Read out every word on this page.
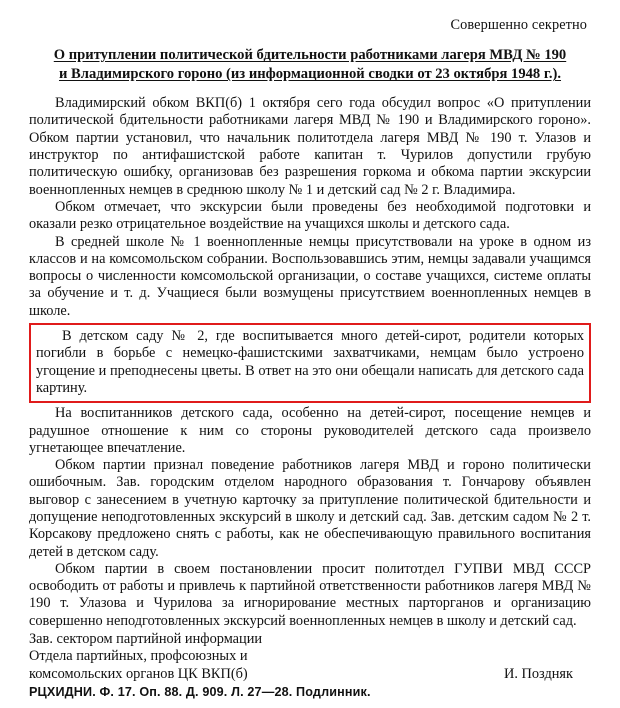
Совершенно секретно
О притуплении политической бдительности работниками лагеря МВД № 190
и Владимирского гороно (из информационной сводки от 23 октября 1948 г.).

Владимирский обком ВКП(б) 1 октября сего года обсудил вопрос «О притуплении политической бдительности работниками лагеря МВД № 190 и Владимирского гороно». Обком партии установил, что начальник политотдела лагеря МВД № 190 т. Улазов и инструктор по антифашистской работе капитан т. Чурилов допустили грубую политическую ошибку, организовав без разрешения горкома и обкома партии экскурсии военнопленных немцев в среднюю школу № 1 и детский сад № 2 г. Владимира.

Обком отмечает, что экскурсии были проведены без необходимой подготовки и оказали резко отрицательное воздействие на учащихся школы и детского сада.

В средней школе № 1 военнопленные немцы присутствовали на уроке в одном из классов и на комсомольском собрании. Воспользовавшись этим, немцы задавали учащимся вопросы о численности комсомольской организации, о составе учащихся, системе оплаты за обучение и т. д. Учащиеся были возмущены присутствием военнопленных немцев в школе.

В детском саду № 2, где воспитывается много детей-сирот, родители которых погибли в борьбе с немецко-фашистскими захватчиками, немцам было устроено угощение и преподнесены цветы. В ответ на это они обещали написать для детского сада картину.

На воспитанников детского сада, особенно на детей-сирот, посещение немцев и радушное отношение к ним со стороны руководителей детского сада произвело угнетающее впечатление.

Обком партии признал поведение работников лагеря МВД и гороно политически ошибочным. Зав. городским отделом народного образования т. Гончарову объявлен выговор с занесением в учетную карточку за притупление политической бдительности и допущение неподготовленных экскурсий в школу и детский сад. Зав. детским садом № 2 т. Корсакову предложено снять с работы, как не обеспечивающую правильного воспитания детей в детском саду.

Обком партии в своем постановлении просит политотдел ГУПВИ МВД СССР освободить от работы и привлечь к партийной ответственности работников лагеря МВД № 190 т. Улазова и Чурилова за игнорирование местных парторганов и организацию совершенно неподготовленных экскурсий военнопленных немцев в школу и детский сад.

Зав. сектором партийной информации
Отдела партийных, профсоюзных и
комсомольских органов ЦК ВКП(б)	И. Поздняк
РЦХИДНИ. Ф. 17. Оп. 88. Д. 909. Л. 27—28. Подлинник.
